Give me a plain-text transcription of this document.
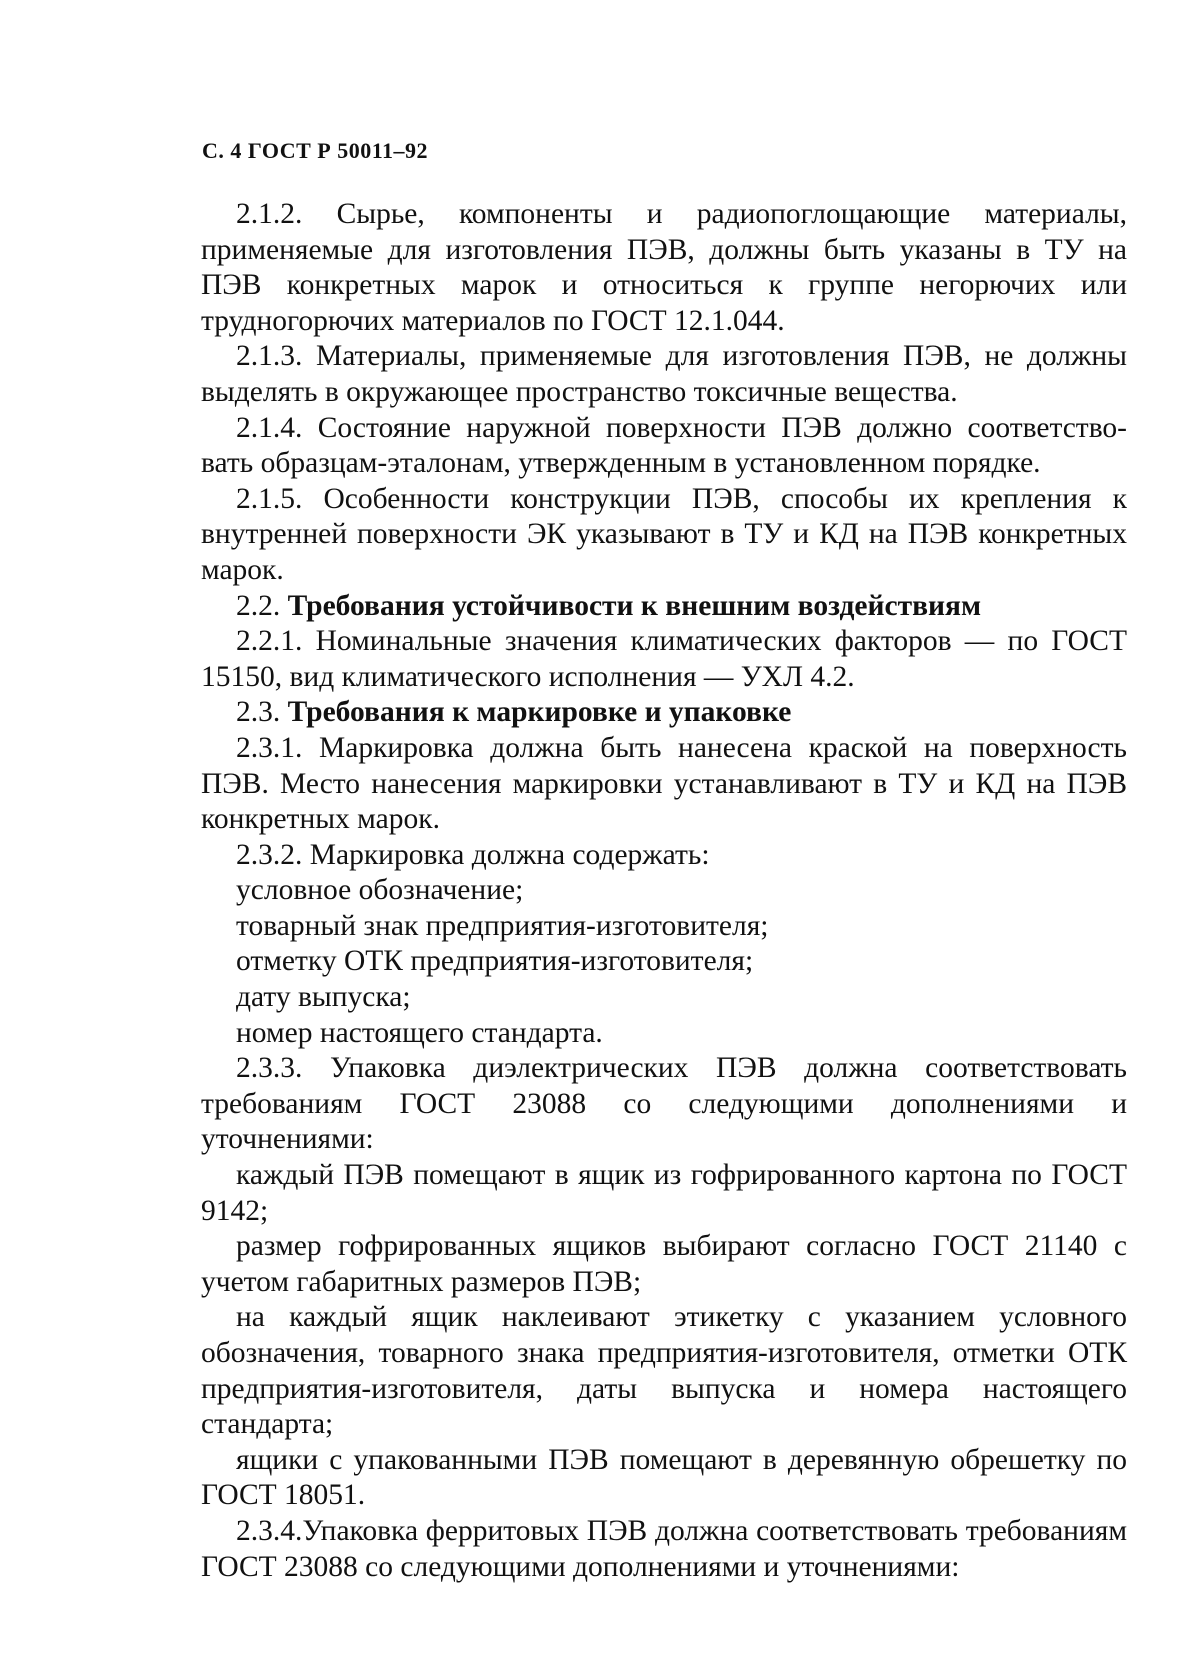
С. 4 ГОСТ Р 50011–92

2.1.2. Сырье, компоненты и радиопоглощающие материалы, применяемые для изготовления ПЭВ, должны быть указаны в ТУ на ПЭВ конкретных марок и относиться к группе негорючих или трудногорючих материалов по ГОСТ 12.1.044.

2.1.3. Материалы, применяемые для изготовления ПЭВ, не должны выделять в окружающее пространство токсичные вещества.

2.1.4. Состояние наружной поверхности ПЭВ должно соответство-вать образцам-эталонам, утвержденным в установленном порядке.

2.1.5. Особенности конструкции ПЭВ, способы их крепления к внутренней поверхности ЭК указывают в ТУ и КД на ПЭВ конкретных марок.

2.2. Требования устойчивости к внешним воздействиям

2.2.1. Номинальные значения климатических факторов — по ГОСТ 15150, вид климатического исполнения — УХЛ 4.2.

2.3. Требования к маркировке и упаковке

2.3.1. Маркировка должна быть нанесена краской на поверхность ПЭВ. Место нанесения маркировки устанавливают в ТУ и КД на ПЭВ конкретных марок.

2.3.2. Маркировка должна содержать:

условное обозначение;

товарный знак предприятия-изготовителя;

отметку ОТК предприятия-изготовителя;

дату выпуска;

номер настоящего стандарта.

2.3.3. Упаковка диэлектрических ПЭВ должна соответствовать требованиям ГОСТ 23088 со следующими дополнениями и уточнениями:

каждый ПЭВ помещают в ящик из гофрированного картона по ГОСТ 9142;

размер гофрированных ящиков выбирают согласно ГОСТ 21140 с учетом габаритных размеров ПЭВ;

на каждый ящик наклеивают этикетку с указанием условного обозначения, товарного знака предприятия-изготовителя, отметки ОТК предприятия-изготовителя, даты выпуска и номера настоящего стандарта;

ящики с упакованными ПЭВ помещают в деревянную обрешетку по ГОСТ 18051.

2.3.4.Упаковка ферритовых ПЭВ должна соответствовать требованиям ГОСТ 23088 со следующими дополнениями и уточнениями:
